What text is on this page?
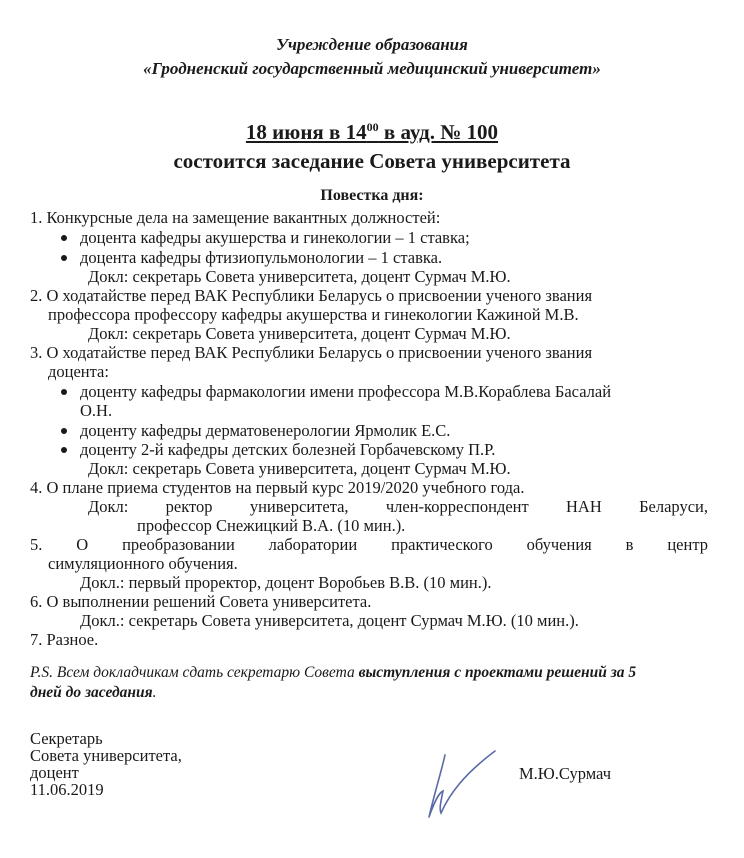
Учреждение образования
«Гродненский государственный медицинский университет»
18 июня в $14^{00}$ в ауд. № 100
состоится заседание Совета университета
Повестка дня:
1. Конкурсные дела на замещение вакантных должностей:
доцента кафедры акушерства и гинекологии – 1 ставка;
доцента кафедры фтизиопульмонологии – 1 ставка.
Докл: секретарь Совета университета, доцент Сурмач М.Ю.
2. О ходатайстве перед ВАК Республики Беларусь о присвоении ученого звания
профессора профессору кафедры акушерства и гинекологии Кажиной М.В.
Докл: секретарь Совета университета, доцент Сурмач М.Ю.
3. О ходатайстве перед ВАК Республики Беларусь о присвоении ученого звания
доцента:
доценту кафедры фармакологии имени профессора М.В.Кораблева Басалай
О.Н.
доценту кафедры дерматовенерологии Ярмолик Е.С.
доценту 2-й кафедры детских болезней Горбачевскому П.Р.
Докл: секретарь Совета университета, доцент Сурмач М.Ю.
4. О плане приема студентов на первый курс 2019/2020 учебного года.
Докл: ректор университета, член-корреспондент НАН Беларуси,
профессор Снежицкий В.А. (10 мин.).
5. О преобразовании лаборатории практического обучения в центр
симуляционного обучения.
Докл.: первый проректор, доцент Воробьев В.В. (10 мин.).
6. О выполнении решений Совета университета.
Докл.: секретарь Совета университета, доцент Сурмач М.Ю. (10 мин.).
7. Разное.
P.S. Всем докладчикам сдать секретарю Совета выступления с проектами решений за 5
дней до заседания.
Секретарь
Совета университета,
доцент
11.06.2019
М.Ю.Сурмач
